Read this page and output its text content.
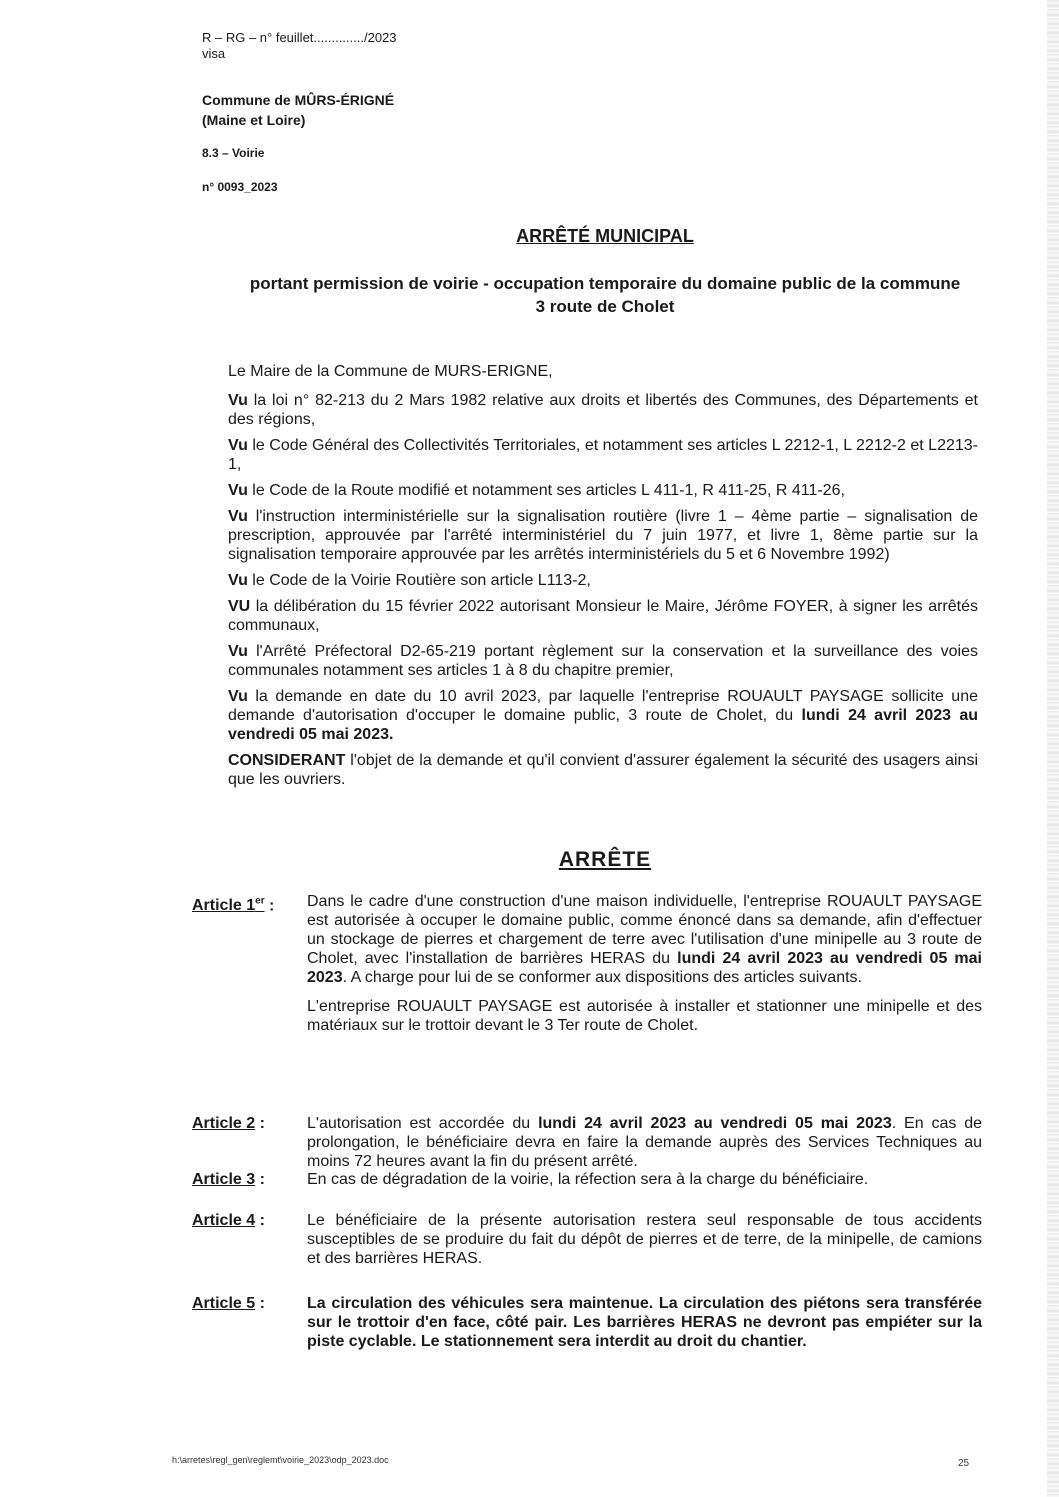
R – RG – n° feuillet............../2023
visa
Commune de MÛRS-ÉRIGNÉ
(Maine et Loire)
8.3 – Voirie
n° 0093_2023
ARRÊTÉ MUNICIPAL
portant permission de voirie - occupation temporaire du domaine public de la commune
3 route de Cholet

Le Maire de la Commune de MURS-ERIGNE,

Vu la loi n° 82-213 du 2 Mars 1982 relative aux droits et libertés des Communes, des Départements et des régions,

Vu le Code Général des Collectivités Territoriales, et notamment ses articles L 2212-1, L 2212-2 et L2213-1,

Vu le Code de la Route modifié et notamment ses articles L 411-1, R 411-25, R 411-26,

Vu l'instruction interministérielle sur la signalisation routière (livre 1 – 4ème partie – signalisation de prescription, approuvée par l'arrêté interministériel du 7 juin 1977, et livre 1, 8ème partie sur la signalisation temporaire approuvée par les arrêtés interministériels du 5 et 6 Novembre 1992)

Vu le Code de la Voirie Routière son article L113-2,

VU la délibération du 15 février 2022 autorisant Monsieur le Maire, Jérôme FOYER, à signer les arrêtés communaux,

Vu l'Arrêté Préfectoral D2-65-219 portant règlement sur la conservation et la surveillance des voies communales notamment ses articles 1 à 8 du chapitre premier,

Vu la demande en date du 10 avril 2023, par laquelle l'entreprise ROUAULT PAYSAGE sollicite une demande d'autorisation d'occuper le domaine public, 3 route de Cholet, du lundi 24 avril 2023 au vendredi 05 mai 2023.

CONSIDERANT l'objet de la demande et qu'il convient d'assurer également la sécurité des usagers ainsi que les ouvriers.

ARRÊTE
Article 1er :	Dans le cadre d'une construction d'une maison individuelle, l'entreprise ROUAULT PAYSAGE est autorisée à occuper le domaine public, comme énoncé dans sa demande, afin d'effectuer un stockage de pierres et chargement de terre avec l'utilisation d'une minipelle au 3 route de Cholet, avec l'installation de barrières HERAS du lundi 24 avril 2023 au vendredi 05 mai 2023. A charge pour lui de se conformer aux dispositions des articles suivants.

L'entreprise ROUAULT PAYSAGE est autorisée à installer et stationner une minipelle et des matériaux sur le trottoir devant le 3 Ter route de Cholet.

Article 2 :	L'autorisation est accordée du lundi 24 avril 2023 au vendredi 05 mai 2023. En cas de prolongation, le bénéficiaire devra en faire la demande auprès des Services Techniques au moins 72 heures avant la fin du présent arrêté.

Article 3 :	En cas de dégradation de la voirie, la réfection sera à la charge du bénéficiaire.

Article 4 :	Le bénéficiaire de la présente autorisation restera seul responsable de tous accidents susceptibles de se produire du fait du dépôt de pierres et de terre, de la minipelle, de camions et des barrières HERAS.

Article 5 :	La circulation des véhicules sera maintenue. La circulation des piétons sera transférée sur le trottoir d'en face, côté pair. Les barrières HERAS ne devront pas empiéter sur la piste cyclable. Le stationnement sera interdit au droit du chantier.

h:\arretes\regl_gen\reglemt\voirie_2023\odp_2023.doc	25
